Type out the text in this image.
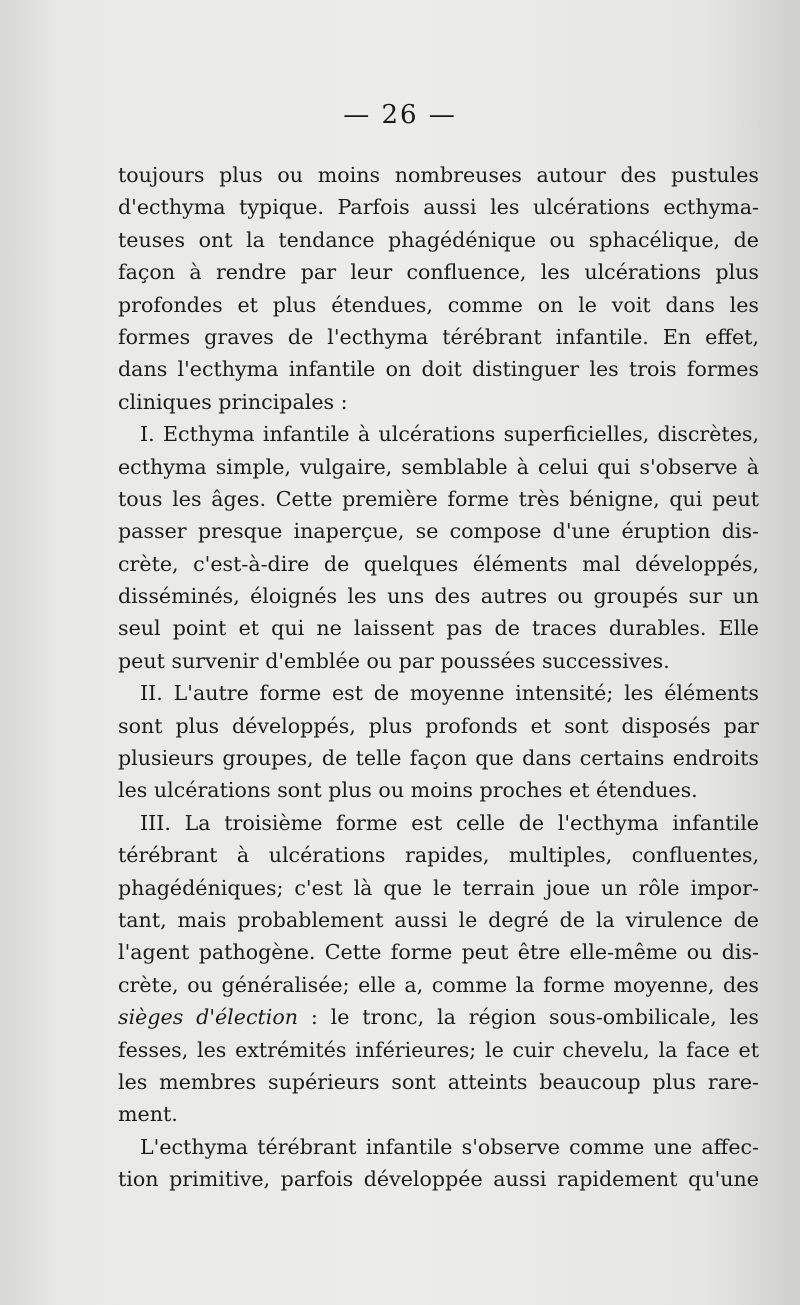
— 26 —
toujours plus ou moins nombreuses autour des pustules
d'ecthyma typique. Parfois aussi les ulcérations ecthyma-
teuses ont la tendance phagédénique ou sphacélique, de
façon à rendre par leur confluence, les ulcérations plus
profondes et plus étendues, comme on le voit dans les
formes graves de l'ecthyma térébrant infantile. En effet,
dans l'ecthyma infantile on doit distinguer les trois formes
cliniques principales :
I. Ecthyma infantile à ulcérations superficielles, discrètes,
ecthyma simple, vulgaire, semblable à celui qui s'observe à
tous les âges. Cette première forme très bénigne, qui peut
passer presque inaperçue, se compose d'une éruption dis-
crète, c'est-à-dire de quelques éléments mal développés,
disséminés, éloignés les uns des autres ou groupés sur un
seul point et qui ne laissent pas de traces durables. Elle
peut survenir d'emblée ou par poussées successives.
II. L'autre forme est de moyenne intensité; les éléments
sont plus développés, plus profonds et sont disposés par
plusieurs groupes, de telle façon que dans certains endroits
les ulcérations sont plus ou moins proches et étendues.
III. La troisième forme est celle de l'ecthyma infantile
térébrant à ulcérations rapides, multiples, confluentes,
phagédéniques; c'est là que le terrain joue un rôle impor-
tant, mais probablement aussi le degré de la virulence de
l'agent pathogène. Cette forme peut être elle-même ou dis-
crète, ou généralisée; elle a, comme la forme moyenne, des
sièges d'élection : le tronc, la région sous-ombilicale, les
fesses, les extrémités inférieures; le cuir chevelu, la face et
les membres supérieurs sont atteints beaucoup plus rare-
ment.
L'ecthyma térébrant infantile s'observe comme une affec-
tion primitive, parfois développée aussi rapidement qu'une
